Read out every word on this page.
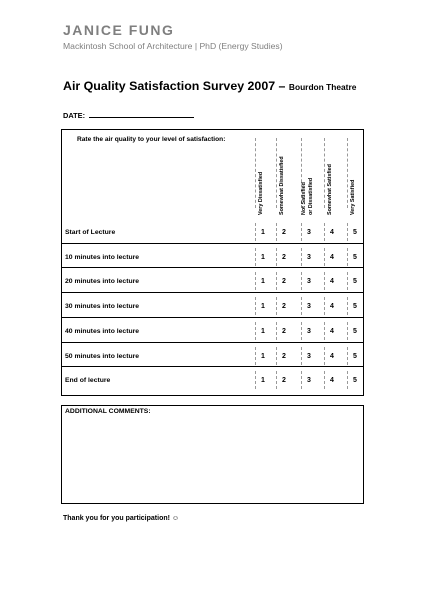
JANICE FUNG
Mackintosh School of Architecture | PhD (Energy Studies)
Air Quality Satisfaction Survey 2007 – Bourdon Theatre
DATE:
Rate the air quality to your level of satisfaction:
Very Dissatisfied	Somewhat Dissatisfied	Not Satisfied or Dissatisfied	Somewhat Satisfied	Very Satisfied
Start of Lecture	1	2	3	4	5
10 minutes into lecture	1	2	3	4	5
20 minutes into lecture	1	2	3	4	5
30 minutes into lecture	1	2	3	4	5
40 minutes into lecture	1	2	3	4	5
50 minutes into lecture	1	2	3	4	5
End of lecture	1	2	3	4	5
ADDITIONAL COMMENTS:
Thank you for you participation! ☺
